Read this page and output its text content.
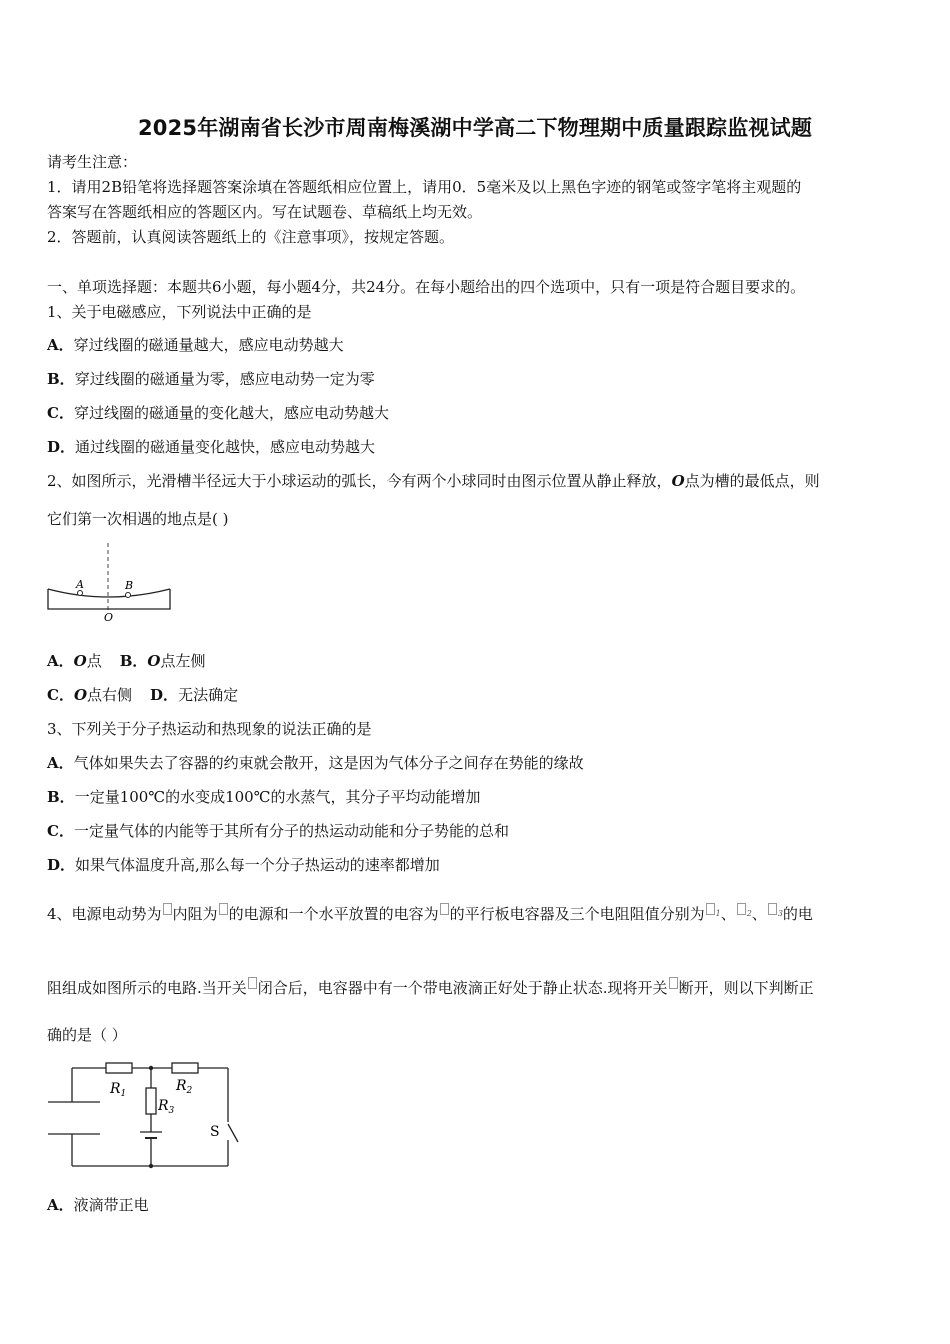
2025年湖南省长沙市周南梅溪湖中学高二下物理期中质量跟踪监视试题
请考生注意：
1．请用2B铅笔将选择题答案涂填在答题纸相应位置上，请用0．5毫米及以上黑色字迹的钢笔或签字笔将主观题的
答案写在答题纸相应的答题区内。写在试题卷、草稿纸上均无效。
2．答题前，认真阅读答题纸上的《注意事项》，按规定答题。
一、单项选择题：本题共6小题，每小题4分，共24分。在每小题给出的四个选项中，只有一项是符合题目要求的。
1、关于电磁感应，下列说法中正确的是
A．穿过线圈的磁通量越大，感应电动势越大
B．穿过线圈的磁通量为零，感应电动势一定为零
C．穿过线圈的磁通量的变化越大，感应电动势越大
D．通过线圈的磁通量变化越快，感应电动势越大
2、如图所示，光滑槽半径远大于小球运动的弧长，今有两个小球同时由图示位置从静止释放，O点为槽的最低点，则
它们第一次相遇的地点是( )
A	B
O
A．O点 B．O点左侧
C．O点右侧 D．无法确定
3、下列关于分子热运动和热现象的说法正确的是
A．气体如果失去了容器的约束就会散开，这是因为气体分子之间存在势能的缘故
B．一定量100℃的水变成100℃的水蒸气，其分子平均动能增加
C．一定量气体的内能等于其所有分子的热运动动能和分子势能的总和
D．如果气体温度升高,那么每一个分子热运动的速率都增加
4、电源电动势为 内阻为 的电源和一个水平放置的电容为 的平行板电容器及三个电阻阻值分别为 $^1$、 $^2$、 $^3$的电
阻组成如图所示的电路.当开关 闭合后，电容器中有一个带电液滴正好处于静止状态.现将开关 断开，则以下判断正
确的是（ ）
$R_1$	$R_2$
$R_3$
S
A．液滴带正电
